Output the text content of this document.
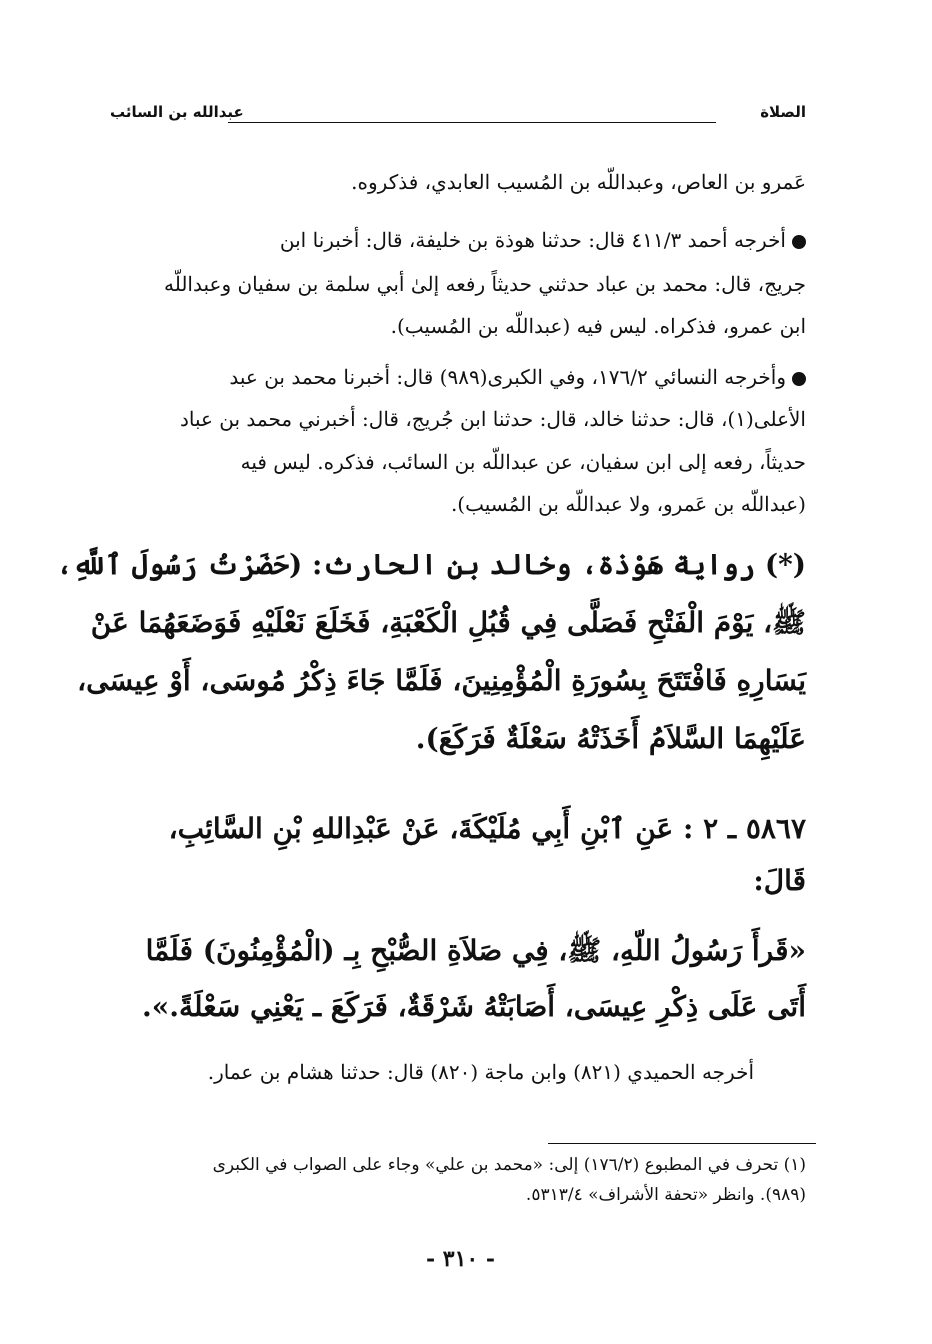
الصلاة
عبدالله بن السائب
عَمرو بن العاص، وعبداللّه بن المُسيب العابدي، فذكروه.
أخرجه أحمد ٤١١/٣ قال: حدثنا هوذة بن خليفة، قال: أخبرنا ابن
جريج، قال: محمد بن عباد حدثني حديثاً رفعه إلىٰ أبي سلمة بن سفيان وعبداللّه
ابن عمرو، فذكراه. ليس فيه (عبداللّه بن المُسيب).
وأخرجه النسائي ١٧٦/٢، وفي الكبرى(٩٨٩) قال: أخبرنا محمد بن عبد
الأعلى(١)، قال: حدثنا خالد، قال: حدثنا ابن جُريج، قال: أخبرني محمد بن عباد
حديثاً، رفعه إلى ابن سفيان، عن عبداللّه بن السائب، فذكره. ليس فيه
(عبداللّه بن عَمرو، ولا عبداللّه بن المُسيب).
(*) رواية هَوْذة، وخالد بن الحارث: (حَضَرْتُ رَسُولَ ٱللَّهِ،
ﷺ، يَوْمَ الْفَتْحِ فَصَلَّى فِي قُبُلِ الْكَعْبَةِ، فَخَلَعَ نَعْلَيْهِ فَوَضَعَهُمَا عَنْ
يَسَارِهِ فَافْتَتَحَ بِسُورَةِ الْمُؤْمِنِينَ، فَلَمَّا جَاءَ ذِكْرُ مُوسَى، أَوْ عِيسَى،
عَلَيْهِمَا السَّلاَمُ أَخَذَتْهُ سَعْلَةٌ فَرَكَعَ).
٥٨٦٧ ـ ٢ : عَنِ ٱبْنِ أَبِي مُلَيْكَةَ، عَنْ عَبْدِاللهِ بْنِ السَّائِبِ،
قَالَ:
«قَرأَ رَسُولُ اللّهِ، ﷺ، فِي صَلاَةِ الصُّبْحِ بِـ (الْمُؤْمِنُونَ) فَلَمَّا
أَتَى عَلَى ذِكْرِ عِيسَى، أَصَابَتْهُ شَرْقَةٌ، فَرَكَعَ ـ يَعْنِي سَعْلَةً.».
أخرجه الحميدي (٨٢١) وابن ماجة (٨٢٠) قال: حدثنا هشام بن عمار.
(١) تحرف في المطبوع (١٧٦/٢) إلى: «محمد بن علي» وجاء على الصواب في الكبرى
(٩٨٩). وانظر «تحفة الأشراف» ٥٣١٣/٤.
- ٣١٠ -
